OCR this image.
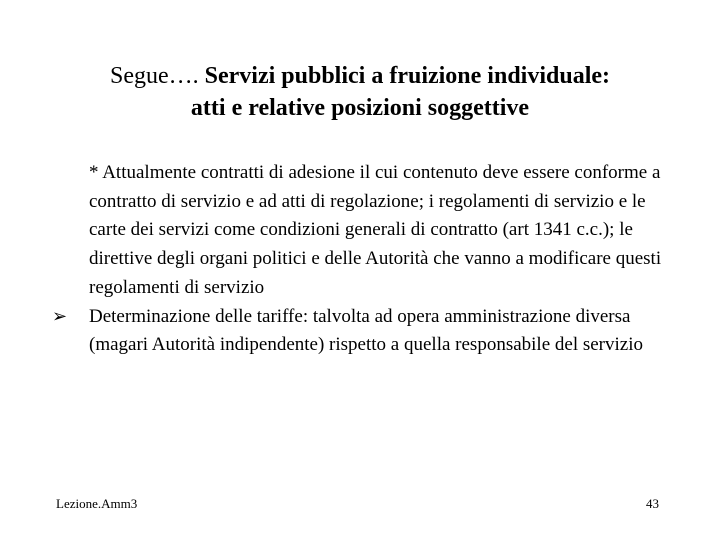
Segue…. Servizi pubblici a fruizione individuale:
atti e relative posizioni soggettive

* Attualmente contratti di adesione il cui contenuto deve essere conforme a contratto di servizio e ad atti di regolazione; i regolamenti di servizio e le carte dei servizi come condizioni generali di contratto (art 1341 c.c.); le direttive degli organi politici e delle Autorità che vanno a modificare questi regolamenti di servizio

➢ Determinazione delle tariffe: talvolta ad opera amministrazione diversa (magari Autorità indipendente) rispetto a quella responsabile del servizio

Lezione.Amm3	43
